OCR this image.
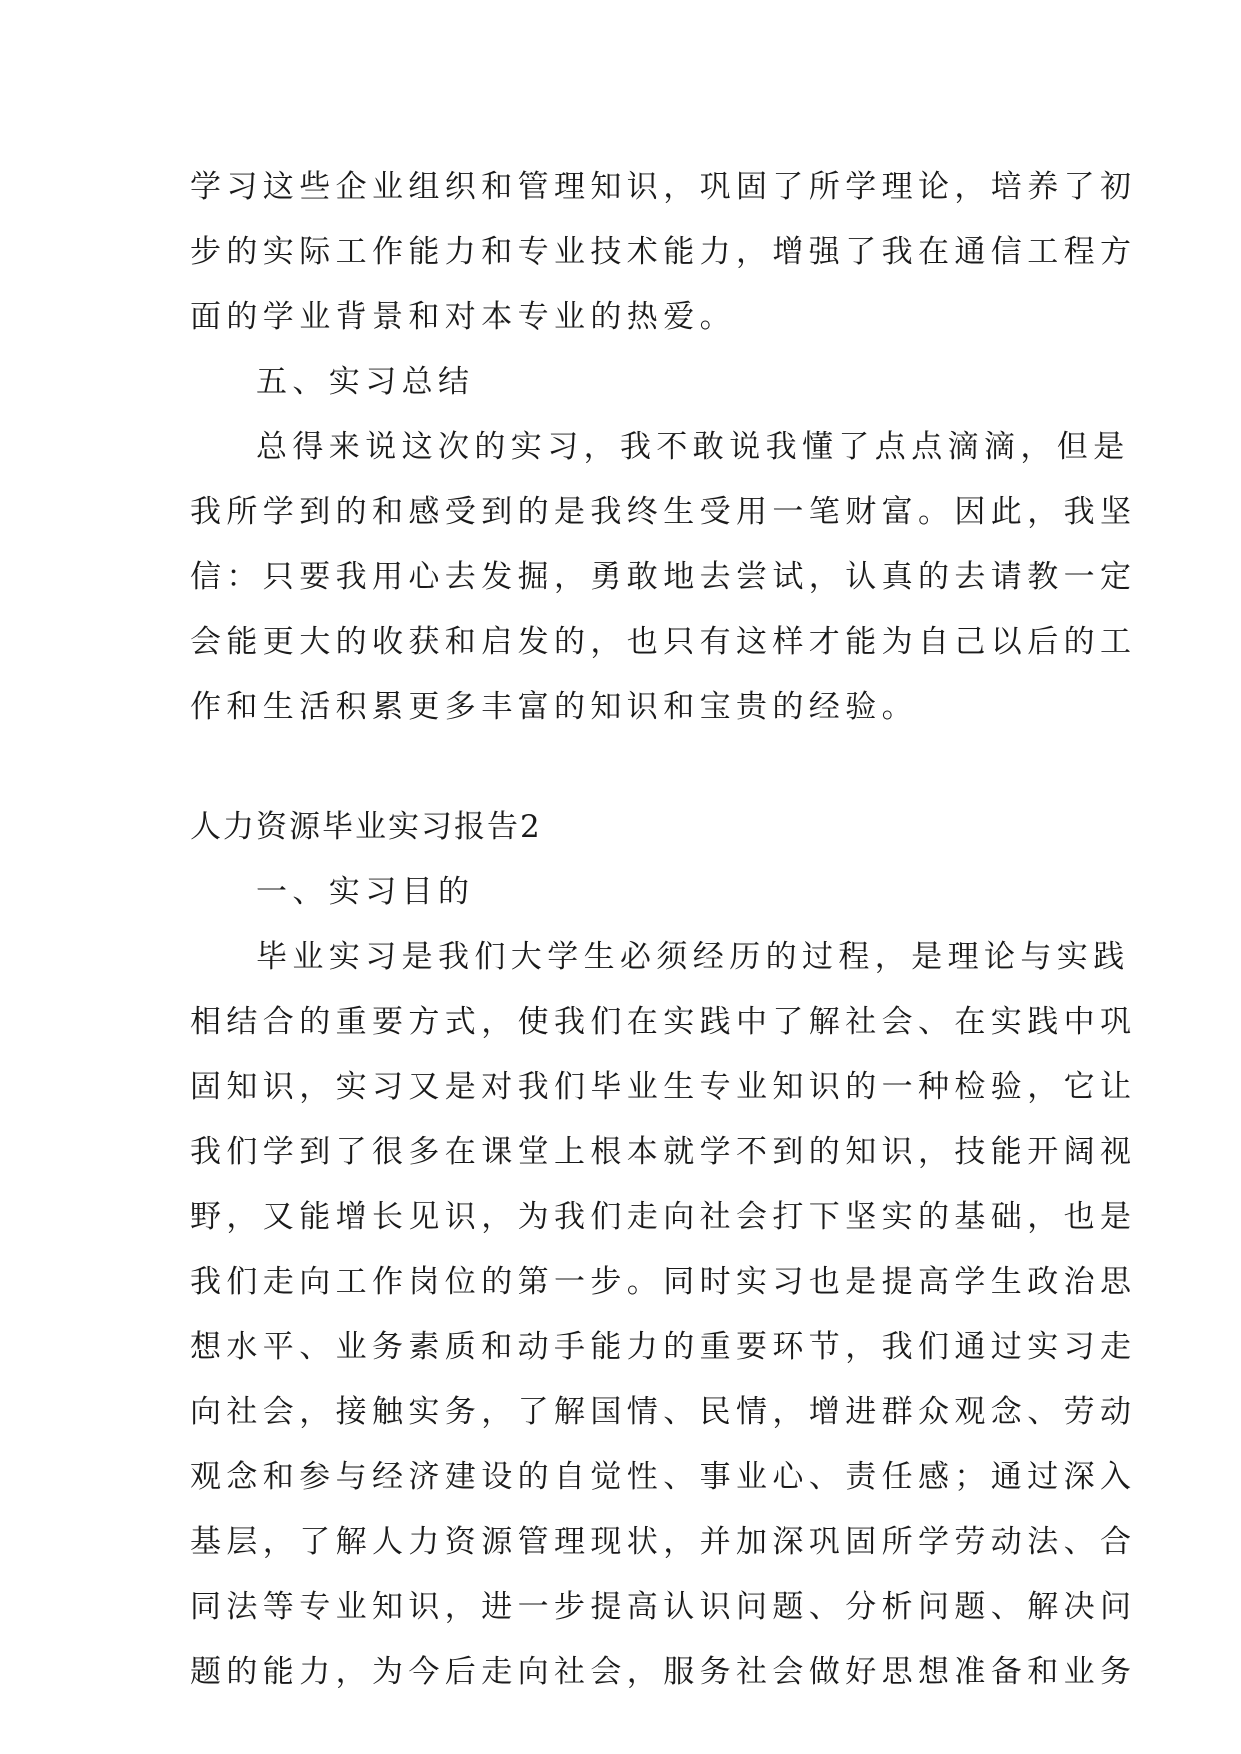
学习这些企业组织和管理知识，巩固了所学理论，培养了初
步的实际工作能力和专业技术能力，增强了我在通信工程方
面的学业背景和对本专业的热爱。
五、实习总结
总得来说这次的实习，我不敢说我懂了点点滴滴，但是
我所学到的和感受到的是我终生受用一笔财富。因此，我坚
信：只要我用心去发掘，勇敢地去尝试，认真的去请教一定
会能更大的收获和启发的，也只有这样才能为自己以后的工
作和生活积累更多丰富的知识和宝贵的经验。
人力资源毕业实习报告2
一、实习目的
毕业实习是我们大学生必须经历的过程，是理论与实践
相结合的重要方式，使我们在实践中了解社会、在实践中巩
固知识，实习又是对我们毕业生专业知识的一种检验，它让
我们学到了很多在课堂上根本就学不到的知识，技能开阔视
野，又能增长见识，为我们走向社会打下坚实的基础，也是
我们走向工作岗位的第一步。同时实习也是提高学生政治思
想水平、业务素质和动手能力的重要环节，我们通过实习走
向社会，接触实务，了解国情、民情，增进群众观念、劳动
观念和参与经济建设的自觉性、事业心、责任感；通过深入
基层，了解人力资源管理现状，并加深巩固所学劳动法、合
同法等专业知识，进一步提高认识问题、分析问题、解决问
题的能力，为今后走向社会，服务社会做好思想准备和业务
